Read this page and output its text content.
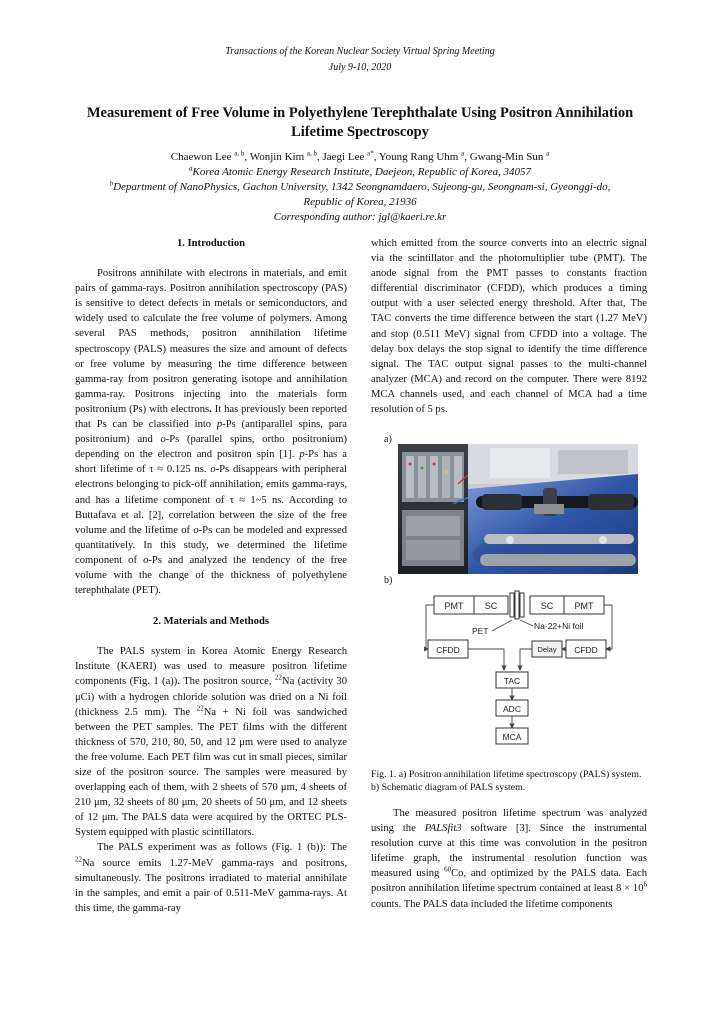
Transactions of the Korean Nuclear Society Virtual Spring Meeting
July 9-10, 2020
Measurement of Free Volume in Polyethylene Terephthalate Using Positron Annihilation Lifetime Spectroscopy
Chaewon Lee $^{a, b}$, Wonjin Kim $^{a, b}$, Jaegi Lee $^{a*}$, Young Rang Uhm $^a$, Gwang-Min Sun $^a$
$^a$Korea Atomic Energy Research Institute, Daejeon, Republic of Korea, 34057
$^b$Department of NanoPhysics, Gachon University, 1342 Seongnamdaero, Sujeong-gu, Seongnam-si, Gyeonggi-do,
Republic of Korea, 21936
Corresponding author: jgl@kaeri.re.kr
1. Introduction

Positrons annihilate with electrons in materials, and emit pairs of gamma-rays. Positron annihilation spectroscopy (PAS) is sensitive to detect defects in metals or semiconductors, and widely used to calculate the free volume of polymers. Among several PAS methods, positron annihilation lifetime spectroscopy (PALS) measures the size and amount of defects or free volume by measuring the time difference between gamma-ray from positron generating isotope and annihilation gamma-ray. Positrons injecting into the materials form positronium (Ps) with electrons. It has previously been reported that Ps can be classified into p-Ps (antiparallel spins, para positronium) and o-Ps (parallel spins, ortho positronium) depending on the electron and positron spin [1]. p-Ps has a short lifetime of τ ≈ 0.125 ns. o-Ps disappears with peripheral electrons belonging to pick-off annihilation, emits gamma-rays, and has a lifetime component of τ ≈ 1~5 ns. According to Buttafava et al. [2], correlation between the size of the free volume and the lifetime of o-Ps can be modeled and expressed quantitatively. In this study, we determined the lifetime component of o-Ps and analyzed the tendency of the free volume with the change of the thickness of polyethylene terephthalate (PET).

2. Materials and Methods

The PALS system in Korea Atomic Energy Research Institute (KAERI) was used to measure positron lifetime components (Fig. 1 (a)). The positron source, $^{22}$Na (activity 30 μCi) with a hydrogen chloride solution was dried on a Ni foil (thickness 2.5 mm). The $^{22}$Na + Ni foil was sandwiched between the PET samples. The PET films with the different thickness of 570, 210, 80, 50, and 12 μm were used to analyze the free volume. Each PET film was cut in small pieces, similar size of the positron source. The samples were measured by overlapping each of them, with 2 sheets of 570 μm, 4 sheets of 210 μm, 32 sheets of 80 μm, 20 sheets of 50 μm, and 12 sheets of 12 μm. The PALS data were acquired by the ORTEC PLS-System equipped with plastic scintillators.

The PALS experiment was as follows (Fig. 1 (b)): The $^{22}$Na source emits 1.27-MeV gamma-rays and positrons, simultaneously. The positrons irradiated to material annihilate in the samples, and emit a pair of 0.511-MeV gamma-rays. At this time, the gamma-ray

which emitted from the source converts into an electric signal via the scintillator and the photomultiplier tube (PMT). The anode signal from the PMT passes to constants fraction differential discriminator (CFDD), which produces a timing output with a user selected energy threshold. After that, The TAC converts the time difference between the start (1.27 MeV) and stop (0.511 MeV) signal from CFDD into a voltage. The delay box delays the stop signal to identify the time difference signal. The TAC output signal passes to the multi-channel analyzer (MCA) and record on the computer. There were 8192 MCA channels used, and each channel of MCA had a time resolution of 5 ps.

a)
b)
PMT SC	SC PMT
PET	Na-22+Ni foil
CFDD	Delay CFDD
TAC
ADC
MCA
Fig. 1. a) Positron annihilation lifetime spectroscopy (PALS) system. b) Schematic diagram of PALS system.

The measured positron lifetime spectrum was analyzed using the PALSfit3 software [3]. Since the instrumental resolution curve at this time was convolution in the positron lifetime graph, the instrumental resolution function was measured using $^{60}$Co, and optimized by the PALS data. Each positron annihilation lifetime spectrum contained at least $8 \times 10^6$ counts. The PALS data included the lifetime components
